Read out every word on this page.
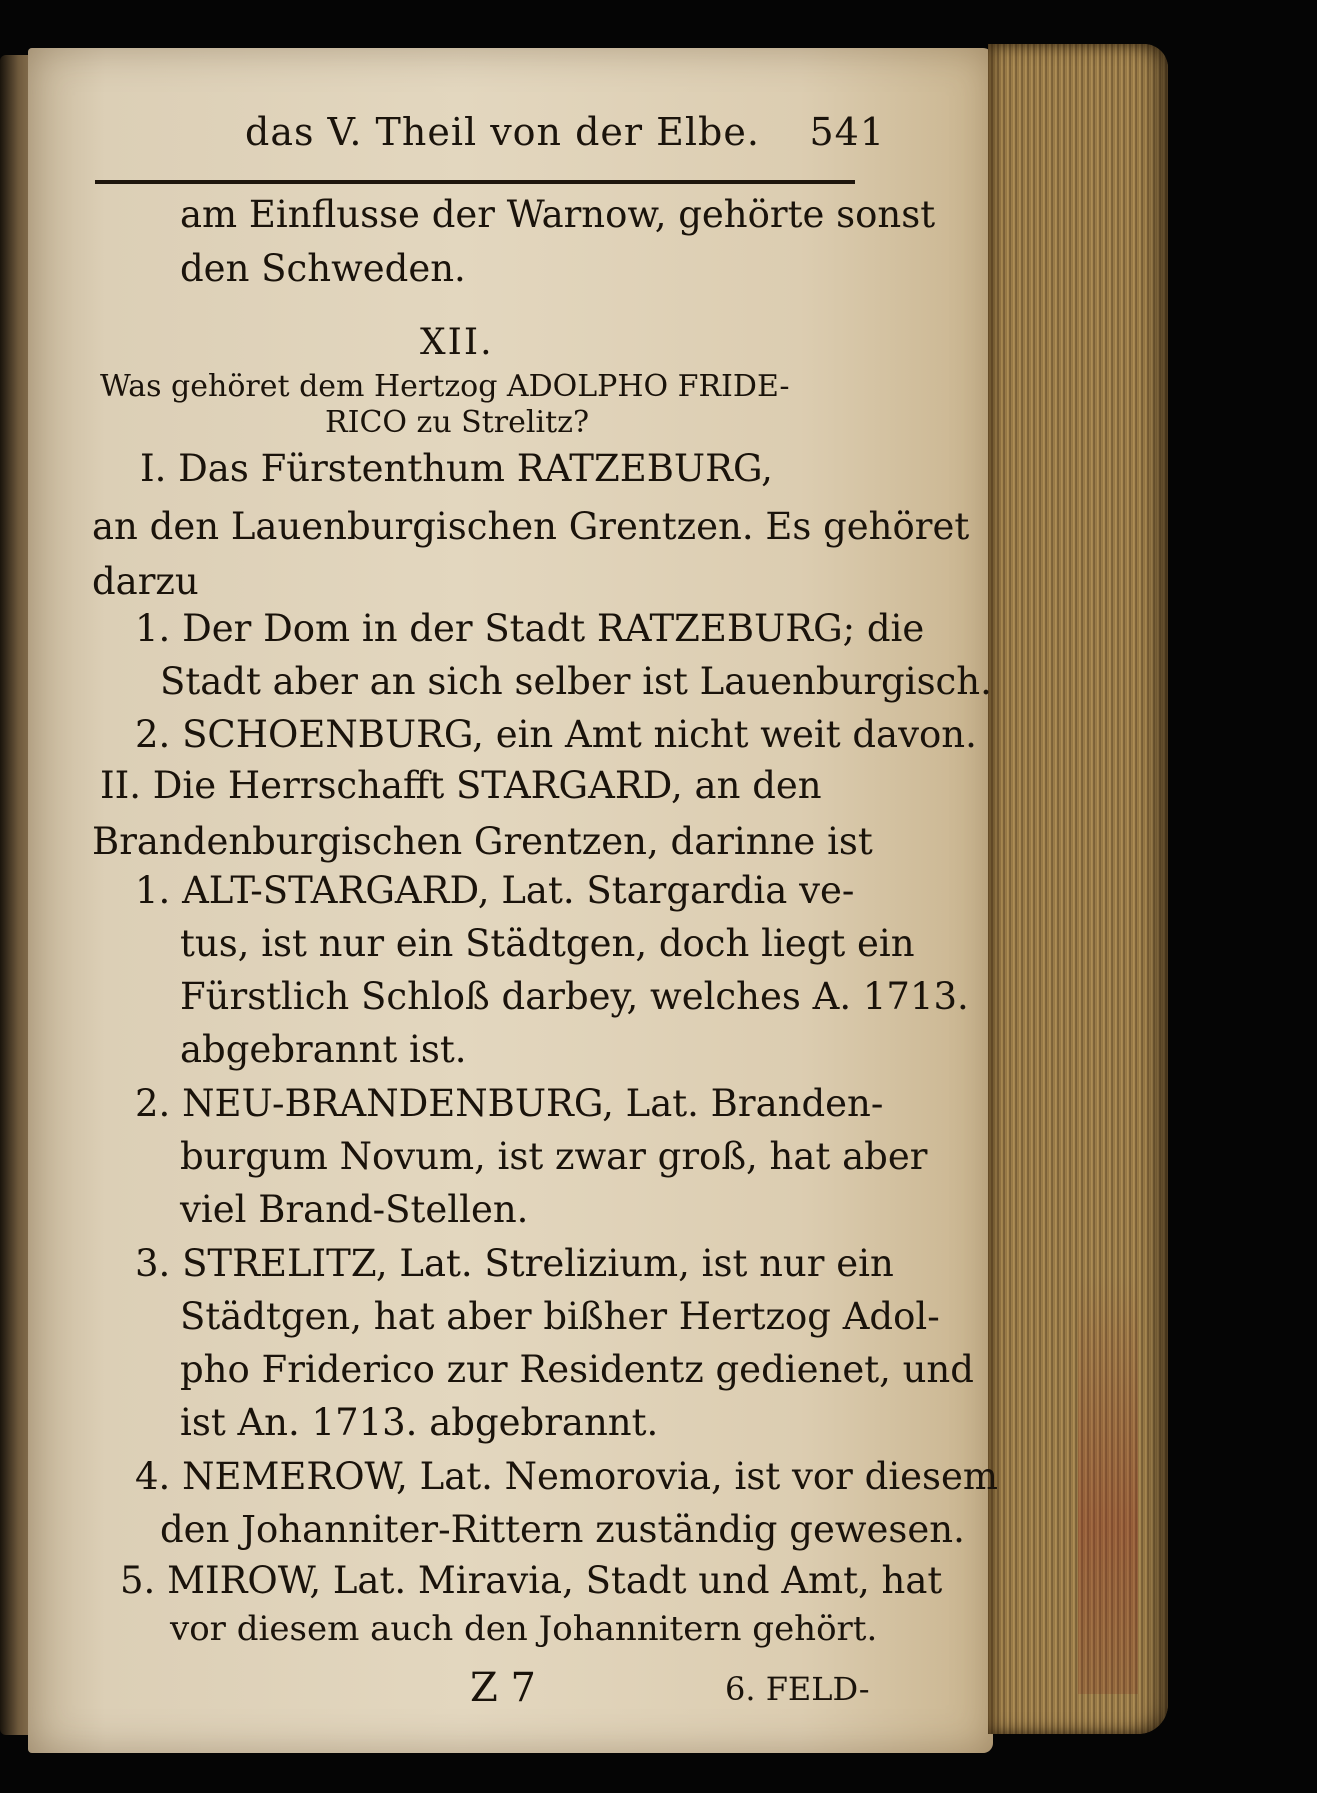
das V. Theil von der Elbe. 541
am Einflusse der Warnow, gehörte sonst
den Schweden.
XII.
Was gehöret dem Hertzog ADOLPHO FRIDE-
RICO zu Strelitz?
I. Das Fürstenthum RATZEBURG,
an den Lauenburgischen Grentzen. Es gehöret
darzu
1. Der Dom in der Stadt RATZEBURG; die
Stadt aber an sich selber ist Lauenburgisch.
2. SCHOENBURG, ein Amt nicht weit davon.
II. Die Herrschafft STARGARD, an den
Brandenburgischen Grentzen, darinne ist
1. ALT-STARGARD, Lat. Stargardia ve-
tus, ist nur ein Städtgen, doch liegt ein
Fürstlich Schloß darbey, welches A. 1713.
abgebrannt ist.
2. NEU-BRANDENBURG, Lat. Branden-
burgum Novum, ist zwar groß, hat aber
viel Brand-Stellen.
3. STRELITZ, Lat. Strelizium, ist nur ein
Städtgen, hat aber bißher Hertzog Adol-
pho Friderico zur Residentz gedienet, und
ist An. 1713. abgebrannt.
4. NEMEROW, Lat. Nemorovia, ist vor diesem
den Johanniter-Rittern zuständig gewesen.
5. MIROW, Lat. Miravia, Stadt und Amt, hat
vor diesem auch den Johannitern gehört.
Z 7	6. FELD-
